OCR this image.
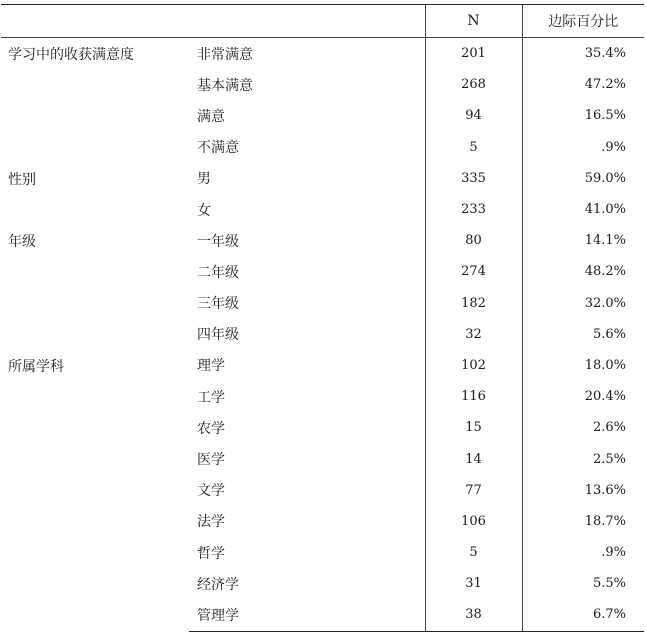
		N	边际百分比
学习中的收获满意度	非常满意	201	35.4%
	基本满意	268	47.2%
	满意	94	16.5%
	不满意	5	.9%
性别	男	335	59.0%
	女	233	41.0%
年级	一年级	80	14.1%
	二年级	274	48.2%
	三年级	182	32.0%
	四年级	32	5.6%
所属学科	理学	102	18.0%
	工学	116	20.4%
	农学	15	2.6%
	医学	14	2.5%
	文学	77	13.6%
	法学	106	18.7%
	哲学	5	.9%
	经济学	31	5.5%
	管理学	38	6.7%
